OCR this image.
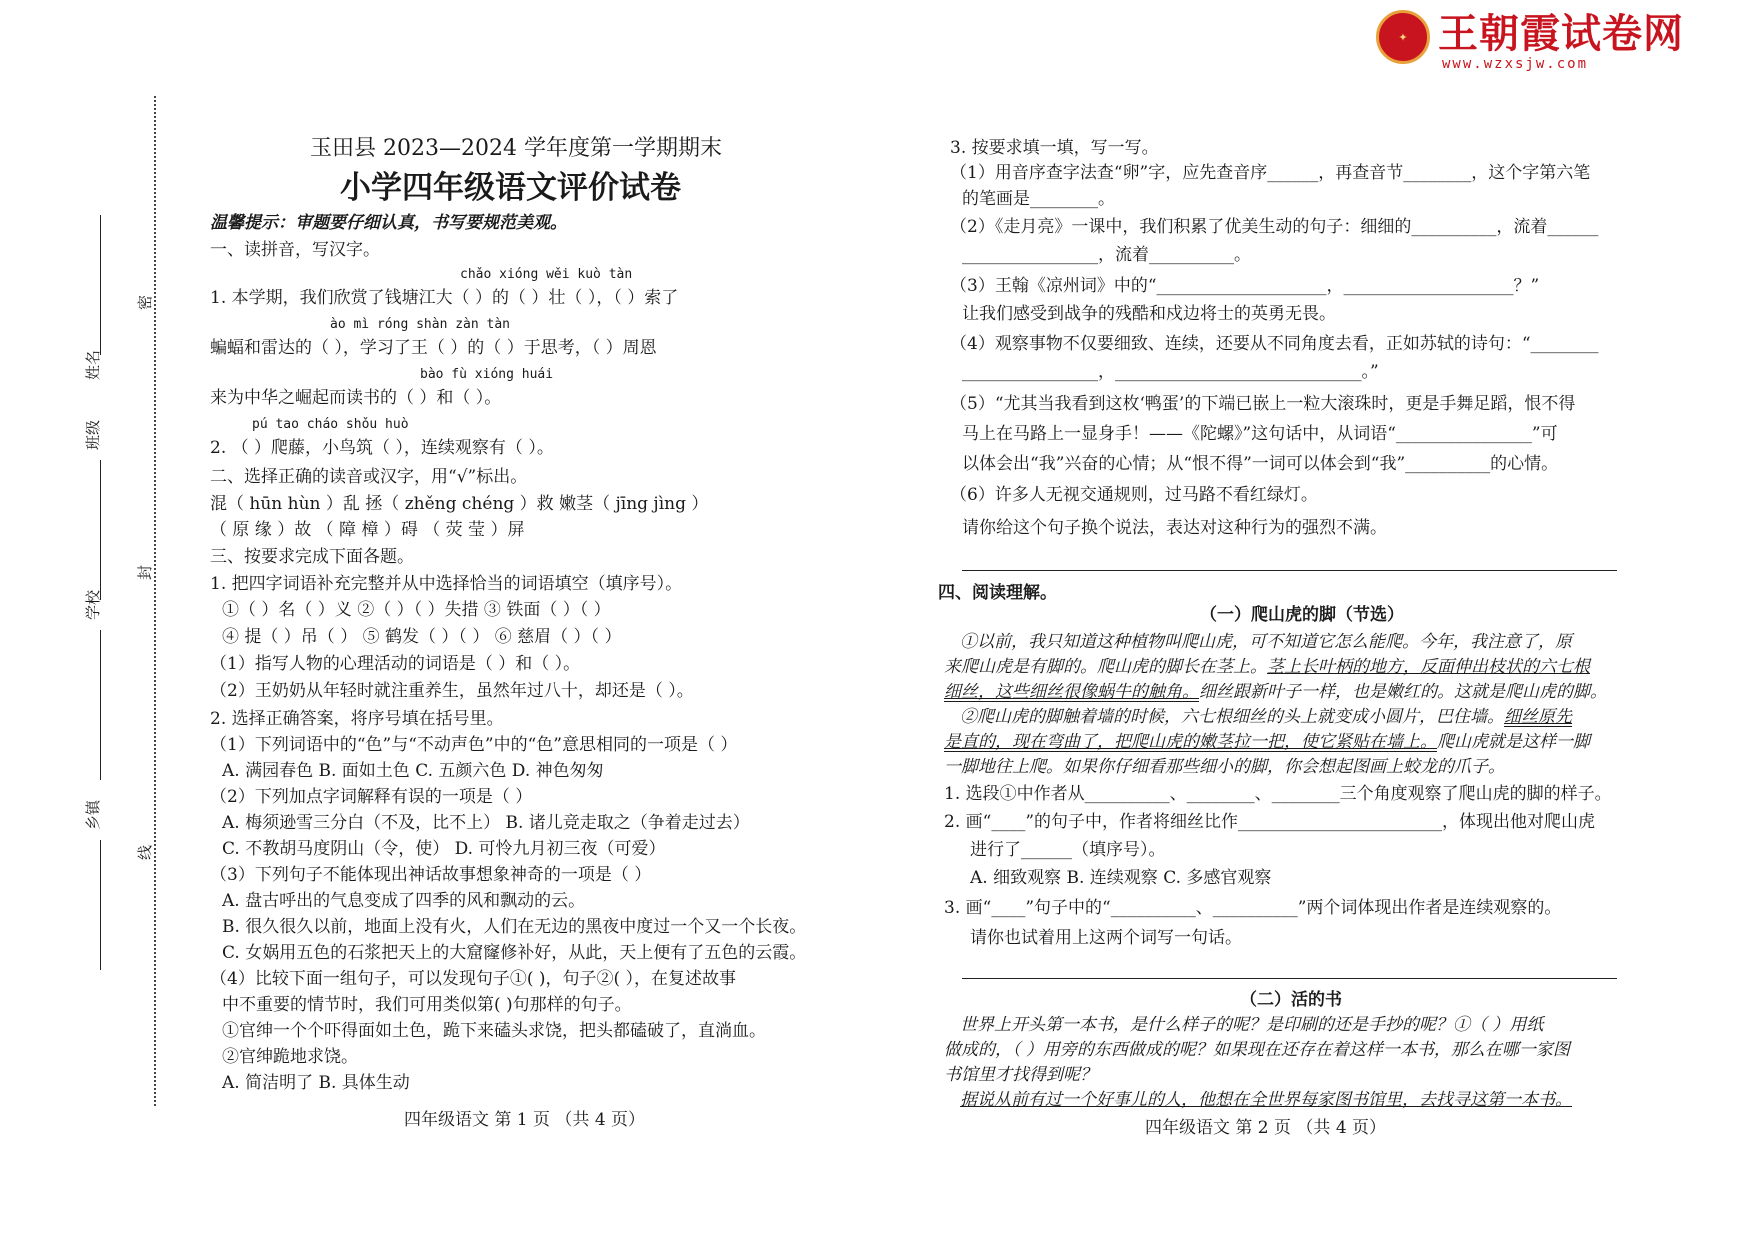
✦ 王朝霞试卷网
www.wzxsjw.com
乡镇
学校
班级
姓名
密
封
线
玉田县 2023—2024 学年度第一学期期末
小学四年级语文评价试卷
温馨提示：审题要仔细认真，书写要规范美观。
一、读拼音，写汉字。
chǎo xióng wěi kuò tàn
1. 本学期，我们欣赏了钱塘江大（ ）的（ ）壮（ ），（ ）索了
ào mì róng shàn zàn tàn
蝙蝠和雷达的（ ），学习了王（ ）的（ ）于思考，（ ）周恩
bào fù xióng huái
来为中华之崛起而读书的（ ）和（ ）。
pú tao cháo shǒu huò
2. （ ）爬藤，小鸟筑（ ），连续观察有（ ）。
二、选择正确的读音或汉字，用“√”标出。
混（ hūn hùn ）乱 拯（ zhěng chéng ）救 嫩茎（ jīng jìng ）
（ 原 缘 ）故 （ 障 樟 ）碍 （ 荧 莹 ）屏
三、按要求完成下面各题。
1. 把四字词语补充完整并从中选择恰当的词语填空（填序号）。
①（ ）名（ ）义 ②（ ）（ ）失措 ③ 铁面（ ）（ ）
④ 提（ ）吊（ ） ⑤ 鹤发（ ）（ ） ⑥ 慈眉（ ）（ ）
（1）指写人物的心理活动的词语是（ ）和（ ）。
（2）王奶奶从年轻时就注重养生，虽然年过八十，却还是（ ）。
2. 选择正确答案，将序号填在括号里。
（1）下列词语中的“色”与“不动声色”中的“色”意思相同的一项是（ ）
A. 满园春色 B. 面如土色 C. 五颜六色 D. 神色匆匆
（2）下列加点字词解释有误的一项是（ ）
A. 梅须逊雪三分白（不及，比不上） B. 诸儿竞走取之（争着走过去）
C. 不教胡马度阴山（令，使） D. 可怜九月初三夜（可爱）
（3）下列句子不能体现出神话故事想象神奇的一项是（ ）
A. 盘古呼出的气息变成了四季的风和飘动的云。
B. 很久很久以前，地面上没有火，人们在无边的黑夜中度过一个又一个长夜。
C. 女娲用五色的石浆把天上的大窟窿修补好，从此，天上便有了五色的云霞。
（4）比较下面一组句子，可以发现句子①( )，句子②( ），在复述故事
中不重要的情节时，我们可用类似第( )句那样的句子。
①官绅一个个吓得面如土色，跪下来磕头求饶，把头都磕破了，直淌血。
②官绅跪地求饶。
A. 简洁明了 B. 具体生动
四年级语文 第 1 页 （共 4 页）
3. 按要求填一填，写一写。
（1）用音序查字法查“卵”字，应先查音序______，再查音节________，这个字第六笔
的笔画是________。
（2）《走月亮》一课中，我们积累了优美生动的句子：细细的__________，流着______
________________，流着__________。
（3）王翰《凉州词》中的“____________________，____________________？”
让我们感受到战争的残酷和戍边将士的英勇无畏。
（4）观察事物不仅要细致、连续，还要从不同角度去看，正如苏轼的诗句：“________
________________，_____________________________。”
（5）“尤其当我看到这枚‘鸭蛋’的下端已嵌上一粒大滚珠时，更是手舞足蹈，恨不得
马上在马路上一显身手！——《陀螺》”这句话中，从词语“________________”可
以体会出“我”兴奋的心情；从“恨不得”一词可以体会到“我”__________的心情。
（6）许多人无视交通规则，过马路不看红绿灯。
请你给这个句子换个说法，表达对这种行为的强烈不满。
四、阅读理解。
（一）爬山虎的脚（节选）
①以前，我只知道这种植物叫爬山虎，可不知道它怎么能爬。今年，我注意了，原
来爬山虎是有脚的。爬山虎的脚长在茎上。茎上长叶柄的地方，反面伸出枝状的六七根
细丝，这些细丝很像蜗牛的触角。细丝跟新叶子一样，也是嫩红的。这就是爬山虎的脚。
②爬山虎的脚触着墙的时候，六七根细丝的头上就变成小圆片，巴住墙。细丝原先
是直的，现在弯曲了，把爬山虎的嫩茎拉一把，使它紧贴在墙上。爬山虎就是这样一脚
一脚地往上爬。如果你仔细看那些细小的脚，你会想起图画上蛟龙的爪子。
1. 选段①中作者从__________、________、________三个角度观察了爬山虎的脚的样子。
2. 画“____”的句子中，作者将细丝比作________________________，体现出他对爬山虎
进行了______（填序号）。
A. 细致观察 B. 连续观察 C. 多感官观察
3. 画“____”句子中的“__________、__________”两个词体现出作者是连续观察的。
请你也试着用上这两个词写一句话。
（二）活的书
世界上开头第一本书，是什么样子的呢？是印刷的还是手抄的呢？①（ ）用纸
做成的，（ ）用旁的东西做成的呢？如果现在还存在着这样一本书，那么在哪一家图
书馆里才找得到呢？
据说从前有过一个好事儿的人，他想在全世界每家图书馆里，去找寻这第一本书。
四年级语文 第 2 页 （共 4 页）
